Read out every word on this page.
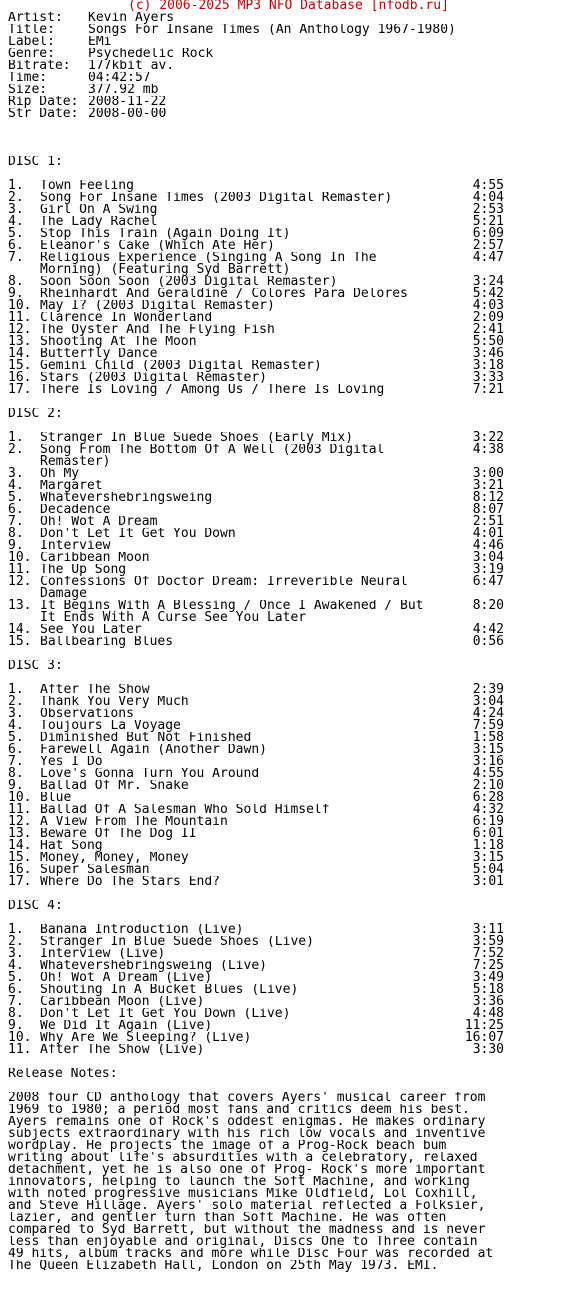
(c) 2006-2025 MP3 NFO Database [nfodb.ru]
Artist: Kevin Ayers
Title:	Songs For Insane Times (An Anthology 1967-1980)
Label:	EMi
Genre:	Psychedelic Rock
Bitrate: 177kbit av.
Time:	04:42:57
Size:	377.92 mb
Rip Date: 2008-11-22
Str Date: 2008-00-00
DISC 1:
1.	Town Feeling	4:55
2.	Song For Insane Times (2003 Digital Remaster)	4:04
3.	Girl On A Swing	2:53
4.	The Lady Rachel	5:21
5.	Stop This Train (Again Doing It)	6:09
6.	Eleanor's Cake (Which Ate Her)	2:57
7.	Religious Experience (Singing A Song In The	4:47
Morning) (Featuring Syd Barrett)
8.	Soon Soon Soon (2003 Digital Remaster)	3:24
9.	Rheinhardt And Geraldine / Colores Para Delores	5:42
10. May I? (2003 Digital Remaster)	4:03
11. Clarence In Wonderland	2:09
12. The Oyster And The Flying Fish	2:41
13. Shooting At The Moon	5:50
14. Butterfly Dance	3:46
15. Gemini Child (2003 Digital Remaster)	3:18
16. Stars (2003 Digital Remaster)	3:33
17. There Is Loving / Among Us / There Is Loving	7:21
DISC 2:
1.	Stranger In Blue Suede Shoes (Early Mix)	3:22
2.	Song From The Bottom Of A Well (2003 Digital	4:38
Remaster)
3.	Oh My	3:00
4.	Margaret	3:21
5.	Whatevershebringsweing	8:12
6.	Decadence	8:07
7.	Oh! Wot A Dream	2:51
8.	Don't Let It Get You Down	4:01
9.	Interview	4:46
10. Caribbean Moon	3:04
11. The Up Song	3:19
12. Confessions Of Doctor Dream: Irreverible Neural	6:47
Damage
13. It Begins With A Blessing / Once I Awakened / But	8:20
It Ends With A Curse See You Later
14. See You Later	4:42
15. Ballbearing Blues	0:56
DISC 3:
1.	After The Show	2:39
2.	Thank You Very Much	3:04
3.	Observations	4:24
4.	Toujours La Voyage	7:59
5.	Diminished But Not Finished	1:58
6.	Farewell Again (Another Dawn)	3:15
7.	Yes I Do	3:16
8.	Love's Gonna Turn You Around	4:55
9.	Ballad Of Mr. Snake	2:10
10. Blue	6:28
11. Ballad Of A Salesman Who Sold Himself	4:32
12. A View From The Mountain	6:19
13. Beware Of The Dog II	6:01
14. Hat Song	1:18
15. Money, Money, Money	3:15
16. Super Salesman	5:04
17. Where Do The Stars End?	3:01
DISC 4:
1.	Banana Introduction (Live)	3:11
2.	Stranger In Blue Suede Shoes (Live)	3:59
3.	Interview (Live)	7:52
4.	Whatevershebringsweing (Live)	7:25
5.	Oh! Wot A Dream (Live)	3:49
6.	Shouting In A Bucket Blues (Live)	5:18
7.	Caribbean Moon (Live)	3:36
8.	Don't Let It Get You Down (Live)	4:48
9.	We Did It Again (Live)	11:25
10. Why Are We Sleeping? (Live)	16:07
11. After The Show (Live)	3:30
Release Notes:
2008 four CD anthology that covers Ayers' musical career from
1969 to 1980; a period most fans and critics deem his best.
Ayers remains one of Rock's oddest enigmas. He makes ordinary
subjects extraordinary with his rich low vocals and inventive
wordplay. He projects the image of a Prog-Rock beach bum
writing about life's absurdities with a celebratory, relaxed
detachment, yet he is also one of Prog- Rock's more important
innovators, helping to launch the Soft Machine, and working
with noted progressive musicians Mike Oldfield, Lol Coxhill,
and Steve Hillage. Ayers' solo material reflected a Folksier,
lazier, and gentler turn than Soft Machine. He was often
compared to Syd Barrett, but without the madness and is never
less than enjoyable and original, Discs One to Three contain
49 hits, album tracks and more while Disc Four was recorded at
The Queen Elizabeth Hall, London on 25th May 1973. EMI.
